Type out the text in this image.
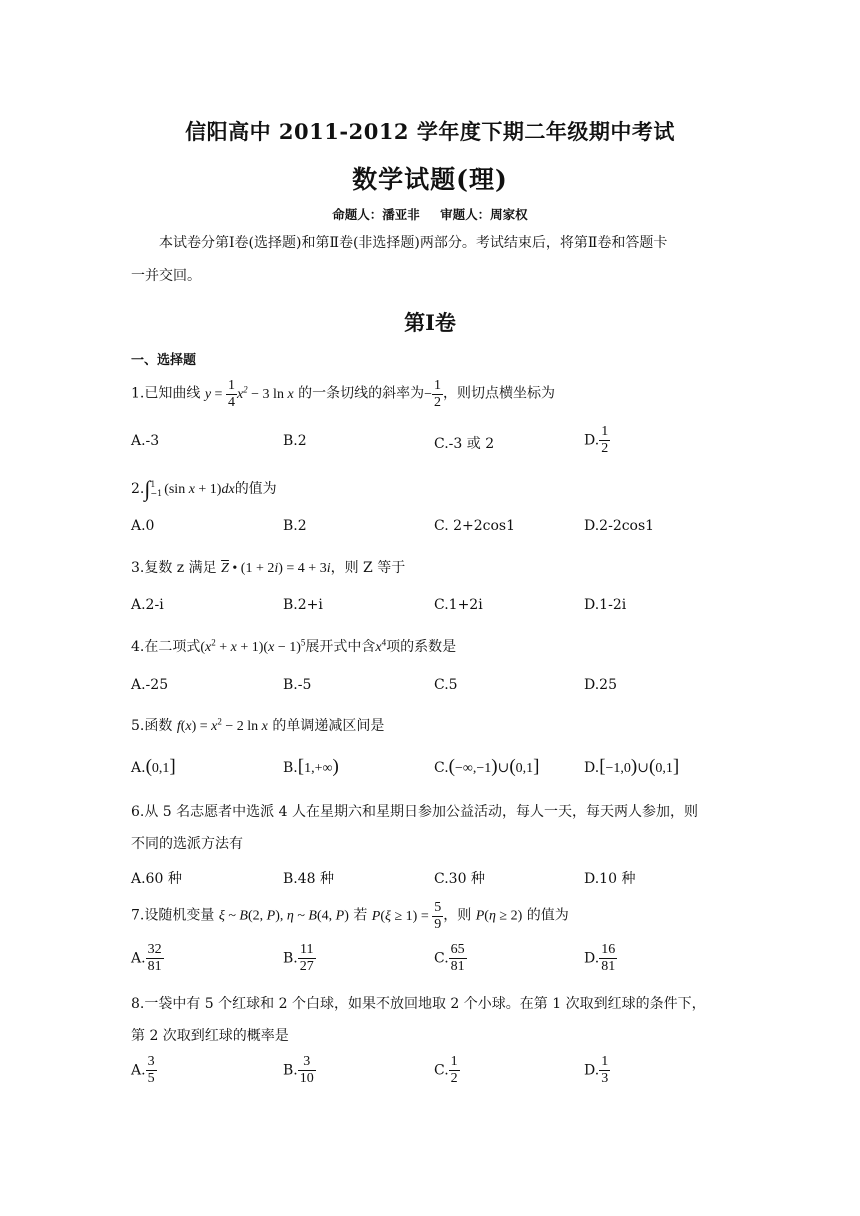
信阳高中 2011-2012 学年度下期二年级期中考试
数学试题(理)
命题人：潘亚非 审题人：周家权
本试卷分第Ⅰ卷(选择题)和第Ⅱ卷(非选择题)两部分。考试结束后，将第Ⅱ卷和答题卡
一并交回。
第Ⅰ卷
一、选择题
1.已知曲线 $y = \frac{1}{4} x^2 - 3$ ln x 的一条切线的斜率为− $\frac{1}{2}$ ，则切点横坐标为
A.-3	B.2	C.-3 或 2	D. $\frac{1}{2}$
2.∫1
−1 (sin x + 1)dx的值为
A.0	B.2	C. 2+2cos1	D.2-2cos1
3.复数 z 满足 $\overline{Z}$ • (1 + 2i) = 4 + 3i，则 Z 等于
A.2-i	B.2+i	C.1+2i	D.1-2i
4.在二项式$(x^2 + x + 1)(x - 1)^5$展开式中含$x^4$项的系数是
A.-25	B.-5	C.5	D.25
5.函数 $f(x) = x^2 - 2$ ln x 的单调递减区间是
A.(0,1]	B.[1,+∞)	C.(−∞,−1)∪(0,1]	D.[−1,0)∪(0,1]
6.从 5 名志愿者中选派 4 人在星期六和星期日参加公益活动，每人一天，每天两人参加，则
不同的选派方法有
A.60 种	B.48 种	C.30 种	D.10 种
7.设随机变量 ξ ~ B(2, P), η ~ B(4, P) 若 $P(\xi \ge 1) = \frac{5}{9}$ ，则 P(η ≥ 2) 的值为
A. $\frac{32}{81}$	B. $\frac{11}{27}$	C. $\frac{65}{81}$	D. $\frac{16}{81}$
8.一袋中有 5 个红球和 2 个白球，如果不放回地取 2 个小球。在第 1 次取到红球的条件下，
第 2 次取到红球的概率是
A. $\frac{3}{5}$	B. $\frac{3}{10}$	C. $\frac{1}{2}$	D. $\frac{1}{3}$
